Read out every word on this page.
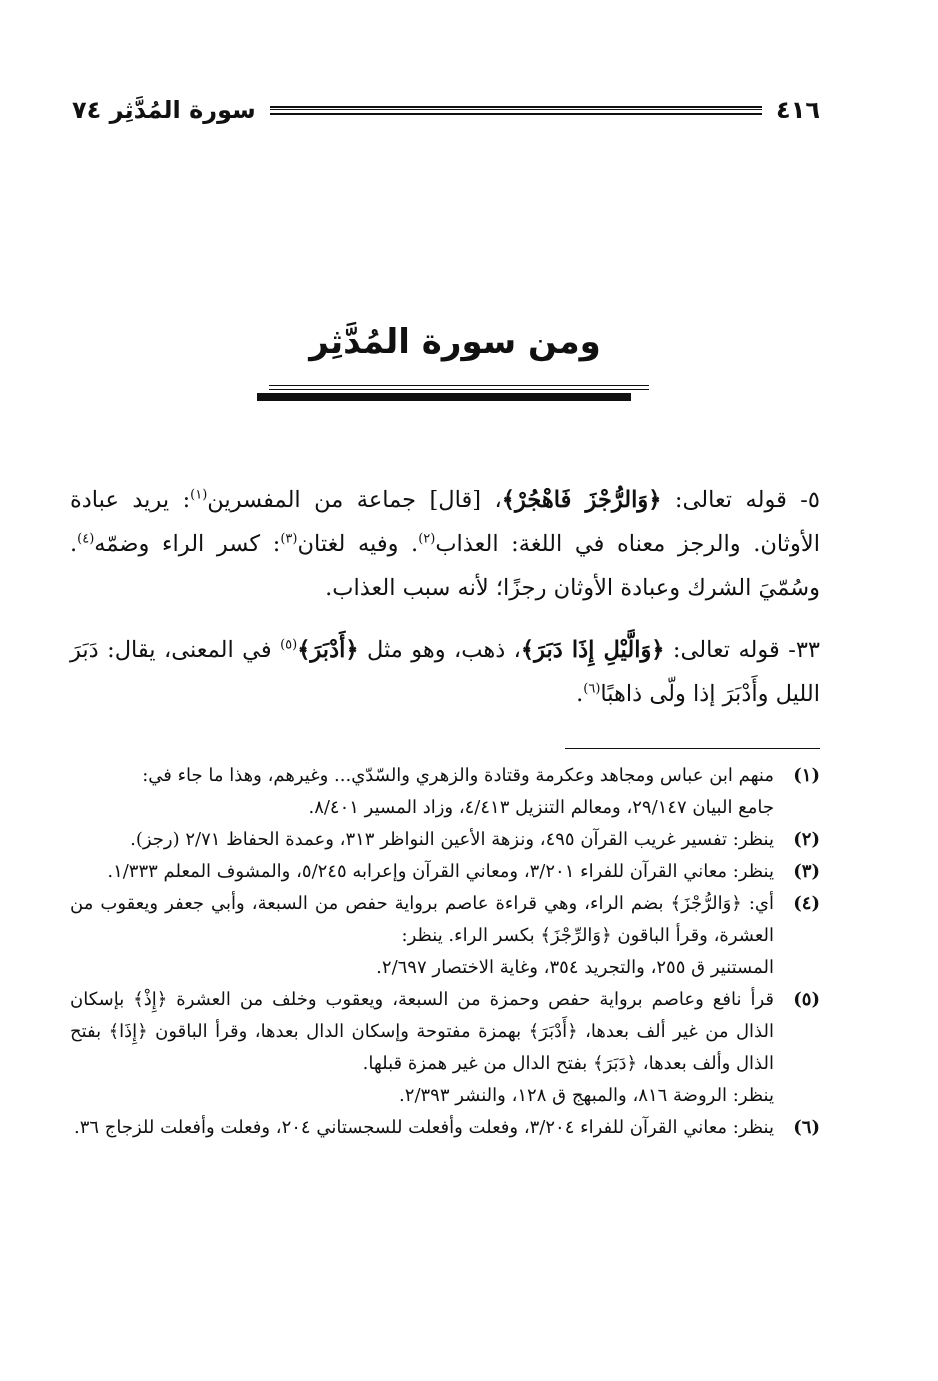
٤١٦
سورة المُدَّثِر ٧٤
ومن سورة المُدَّثِر

٥- قوله تعالى: ﴿وَالرُّجْزَ فَاهْجُرْ﴾، [قال] جماعة من المفسرين$^{(١)}$: يريد عبادة الأوثان. والرجز معناه في اللغة: العذاب$^{(٢)}$. وفيه لغتان$^{(٣)}$: كسر الراء وضمّه$^{(٤)}$. وسُمّيَ الشرك وعبادة الأوثان رجزًا؛ لأنه سبب العذاب.

٣٣- قوله تعالى: ﴿وَالَّيْلِ إِذَا دَبَرَ﴾، ذهب، وهو مثل ﴿أَدْبَرَ﴾$^{(٥)}$ في المعنى، يقال: دَبَرَ الليل وأَدْبَرَ إذا ولّى ذاهبًا$^{(٦)}$.

(١)
منهم ابن عباس ومجاهد وعكرمة وقتادة والزهري والسّدّي... وغيرهم، وهذا ما جاء في:
جامع البيان ٢٩/١٤٧، ومعالم التنزيل ٤/٤١٣، وزاد المسير ٨/٤٠١.
(٢)
ينظر: تفسير غريب القرآن ٤٩٥، ونزهة الأعين النواظر ٣١٣، وعمدة الحفاظ ٢/٧١ (رجز).
(٣)
ينظر: معاني القرآن للفراء ٣/٢٠١، ومعاني القرآن وإعرابه ٥/٢٤٥، والمشوف المعلم ١/٣٣٣.
(٤)
أي: ﴿وَالرُّجْزَ﴾ بضم الراء، وهي قراءة عاصم برواية حفص من السبعة، وأبي جعفر ويعقوب من العشرة، وقرأ الباقون ﴿وَالرِّجْزَ﴾ بكسر الراء. ينظر:
المستنير ق ٢٥٥، والتجريد ٣٥٤، وغاية الاختصار ٢/٦٩٧.
(٥)
قرأ نافع وعاصم برواية حفص وحمزة من السبعة، ويعقوب وخلف من العشرة ﴿إِذْ﴾ بإسكان الذال من غير ألف بعدها، ﴿أَدْبَرَ﴾ بهمزة مفتوحة وإسكان الدال بعدها، وقرأ الباقون ﴿إِذَا﴾ بفتح الذال وألف بعدها، ﴿دَبَرَ﴾ بفتح الدال من غير همزة قبلها.
ينظر: الروضة ٨١٦، والمبهج ق ١٢٨، والنشر ٢/٣٩٣.
(٦)
ينظر: معاني القرآن للفراء ٣/٢٠٤، وفعلت وأفعلت للسجستاني ٢٠٤، وفعلت وأفعلت للزجاج ٣٦.
